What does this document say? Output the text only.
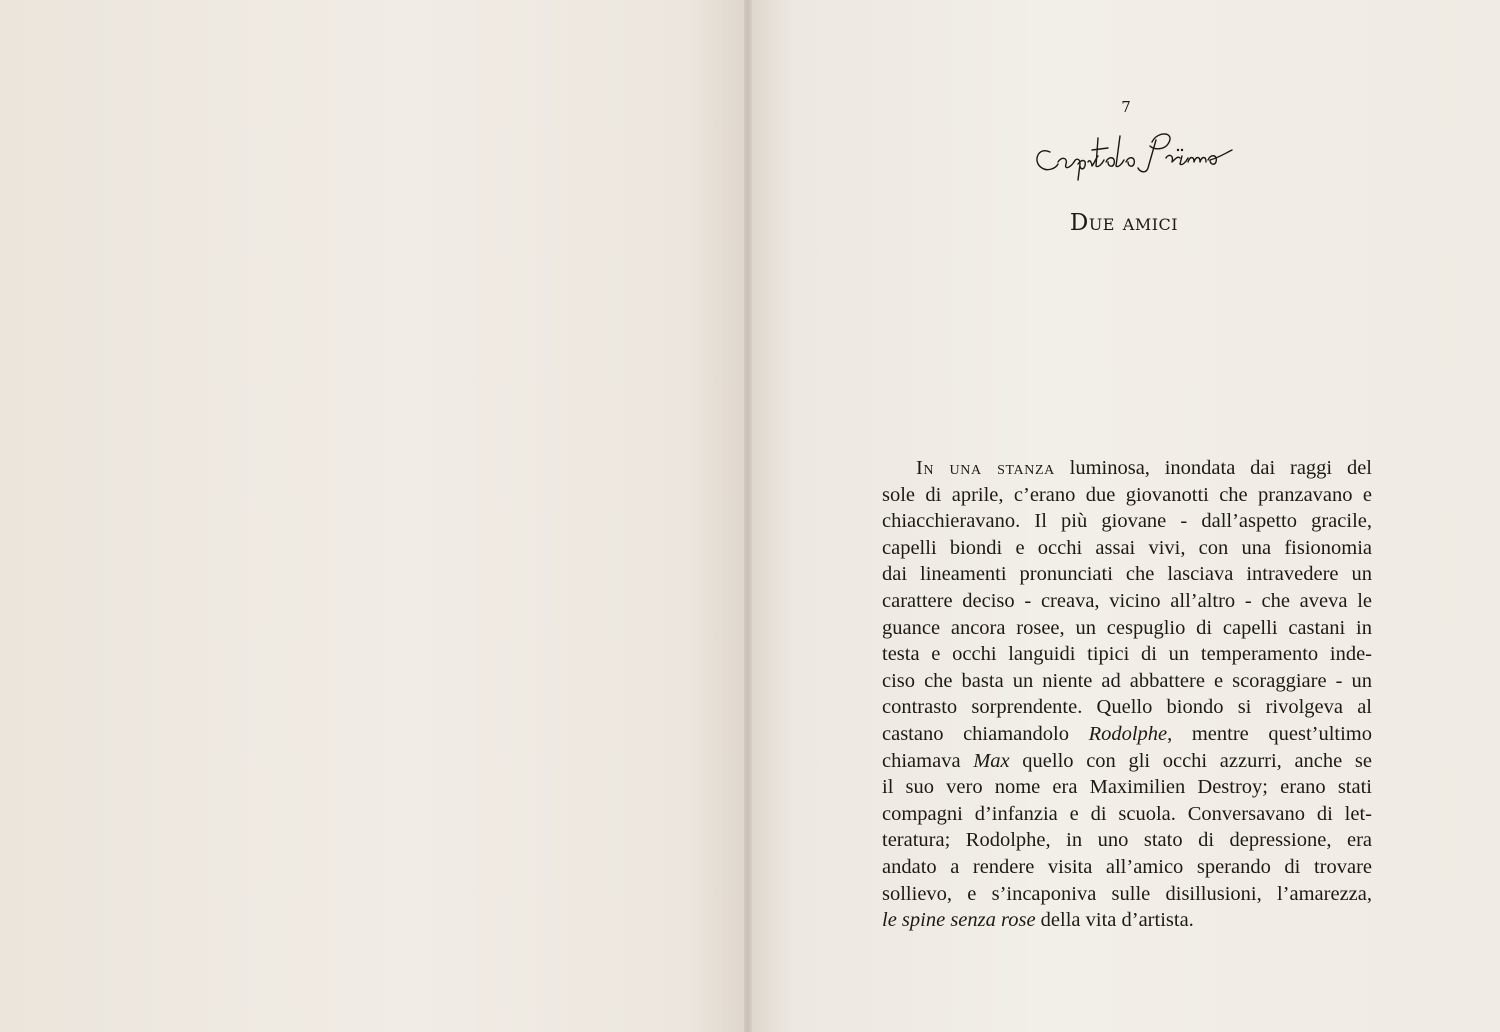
7
Due amici
In una stanza luminosa, inondata dai raggi del
sole di aprile, c’erano due giovanotti che pranzavano e
chiacchieravano. Il più giovane - dall’aspetto gracile,
capelli biondi e occhi assai vivi, con una fisionomia
dai lineamenti pronunciati che lasciava intravedere un
carattere deciso - creava, vicino all’altro - che aveva le
guance ancora rosee, un cespuglio di capelli castani in
testa e occhi languidi tipici di un temperamento inde-
ciso che basta un niente ad abbattere e scoraggiare - un
contrasto sorprendente. Quello biondo si rivolgeva al
castano chiamandolo Rodolphe, mentre quest’ultimo
chiamava Max quello con gli occhi azzurri, anche se
il suo vero nome era Maximilien Destroy; erano stati
compagni d’infanzia e di scuola. Conversavano di let-
teratura; Rodolphe, in uno stato di depressione, era
andato a rendere visita all’amico sperando di trovare
sollievo, e s’incaponiva sulle disillusioni, l’amarezza,
le spine senza rose della vita d’artista.
